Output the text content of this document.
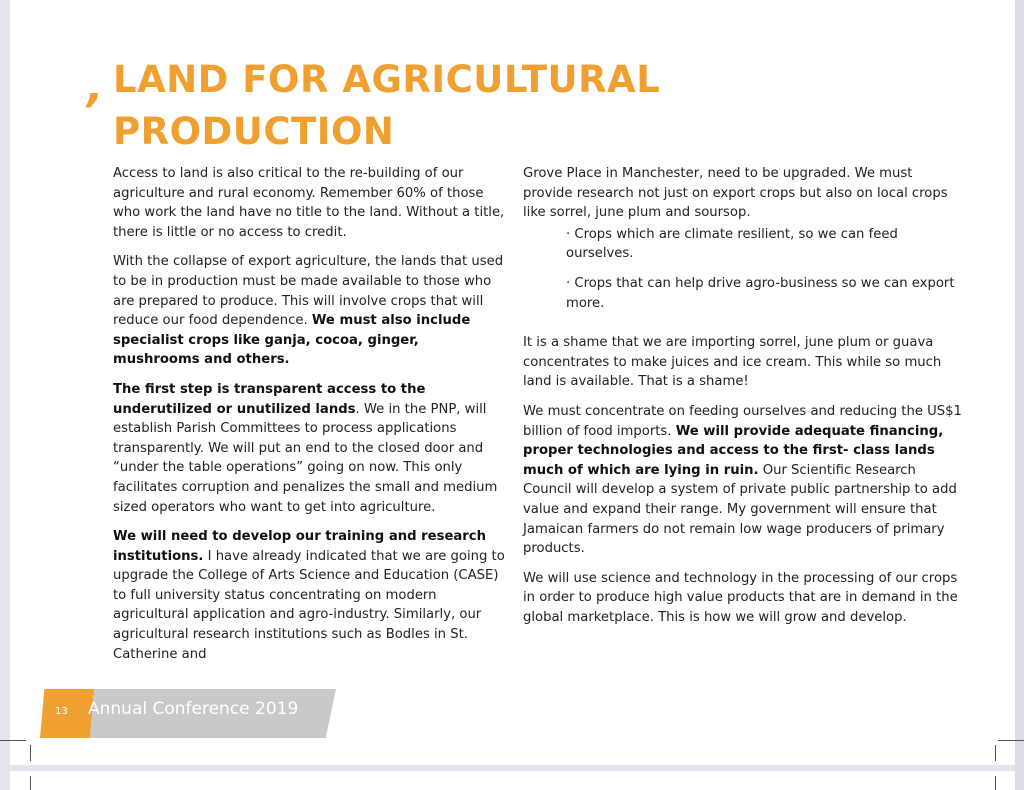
’
LAND FOR AGRICULTURAL PRODUCTION

Access to land is also critical to the re-building of our agriculture and rural economy. Remember 60% of those who work the land have no title to the land. Without a title, there is little or no access to credit.

With the collapse of export agriculture, the lands that used to be in production must be made available to those who are prepared to produce. This will involve crops that will reduce our food dependence. We must also include specialist crops like ganja, cocoa, ginger, mushrooms and others.

The first step is transparent access to the underutilized or unutilized lands. We in the PNP, will establish Parish Committees to process applications transparently. We will put an end to the closed door and “under the table operations” going on now. This only facilitates corruption and penalizes the small and medium sized operators who want to get into agriculture.

We will need to develop our training and research institutions. I have already indicated that we are going to upgrade the College of Arts Science and Education (CASE) to full university status concentrating on modern agricultural application and agro-industry. Similarly, our agricultural research institutions such as Bodles in St. Catherine and

Grove Place in Manchester, need to be upgraded. We must provide research not just on export crops but also on local crops like sorrel, june plum and soursop.

· Crops which are climate resilient, so we can feed ourselves.

· Crops that can help drive agro-business so we can export more.

It is a shame that we are importing sorrel, june plum or guava concentrates to make juices and ice cream. This while so much land is available. That is a shame!

We must concentrate on feeding ourselves and reducing the US$1 billion of food imports. We will provide adequate financing, proper technologies and access to the first- class lands much of which are lying in ruin. Our Scientific Research Council will develop a system of private public partnership to add value and expand their range. My government will ensure that Jamaican farmers do not remain low wage producers of primary products.

We will use science and technology in the processing of our crops in order to produce high value products that are in demand in the global marketplace. This is how we will grow and develop.

13 Annual Conference 2019
